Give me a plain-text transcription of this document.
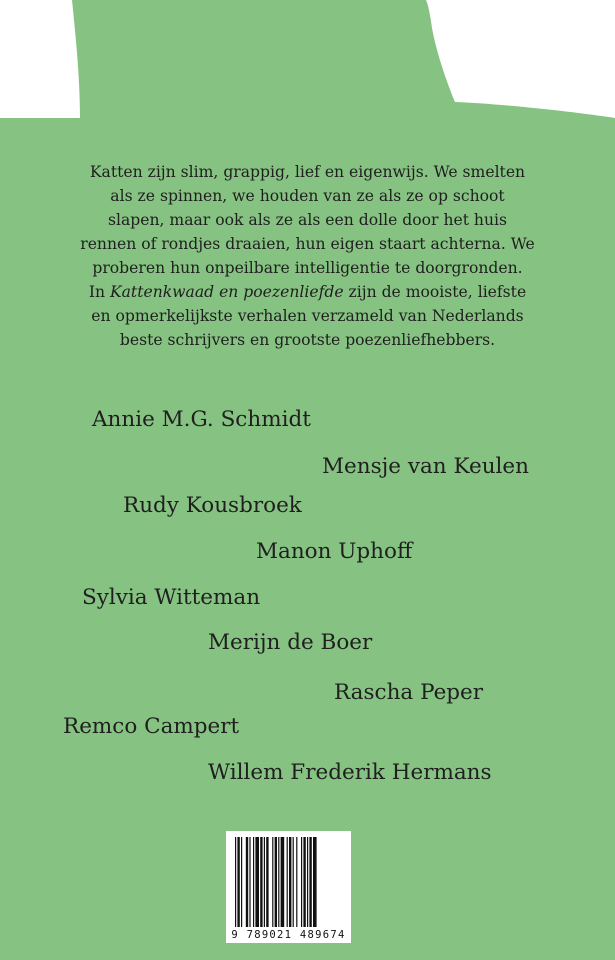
Katten zijn slim, grappig, lief en eigenwijs. We smelten
als ze spinnen, we houden van ze als ze op schoot
slapen, maar ook als ze als een dolle door het huis
rennen of rondjes draaien, hun eigen staart achterna. We
proberen hun onpeilbare intelligentie te doorgronden.
In Kattenkwaad en poezenliefde zijn de mooiste, liefste
en opmerkelijkste verhalen verzameld van Nederlands
beste schrijvers en grootste poezenliefhebbers.

Annie M.G. Schmidt
Mensje van Keulen
Rudy Kousbroek
Manon Uphoff
Sylvia Witteman
Merijn de Boer
Rascha Peper
Remco Campert
Willem Frederik Hermans
9 789021 489674
